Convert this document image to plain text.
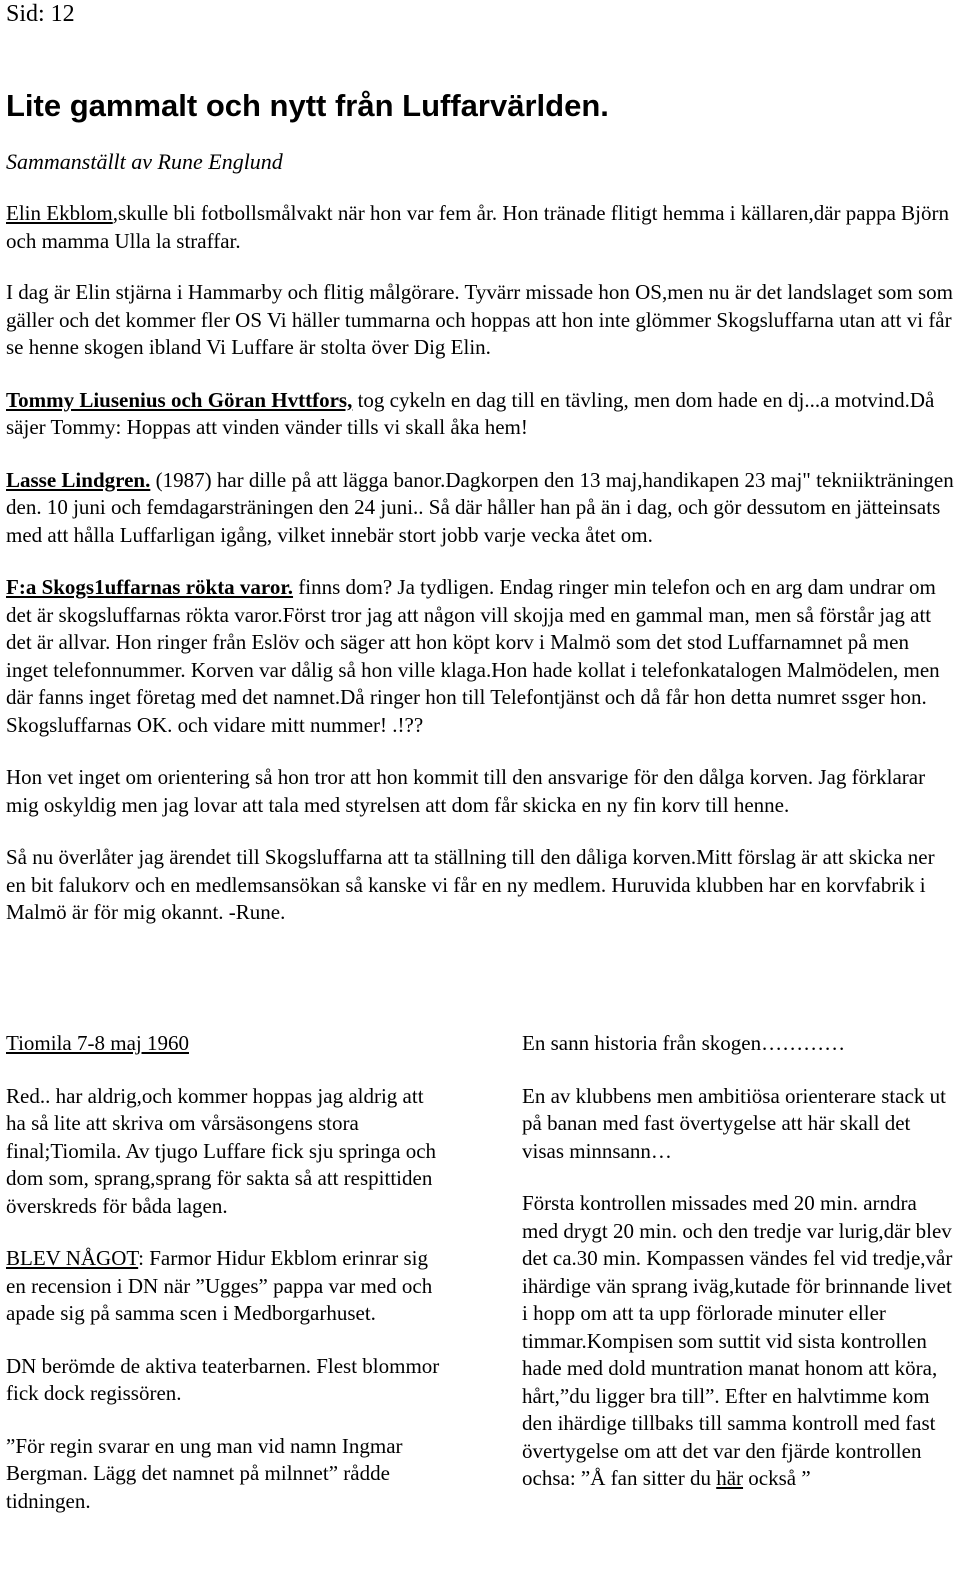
Sid: 12
Lite gammalt och nytt från Luffarvärlden.
Sammanställt av Rune Englund

Elin Ekblom,skulle bli fotbollsmålvakt när hon var fem år. Hon tränade flitigt hemma i källaren,där pappa Björn och mamma Ulla la straffar.

I dag är Elin stjärna i Hammarby och flitig målgörare. Tyvärr missade hon OS,men nu är det landslaget som som gäller och det kommer fler OS Vi häller tummarna och hoppas att hon inte glömmer Skogsluffarna utan att vi får se henne skogen ibland Vi Luffare är stolta över Dig Elin.

Tommy Liusenius och Göran Hvttfors, tog cykeln en dag till en tävling, men dom hade en dj...a motvind.Då säjer Tommy: Hoppas att vinden vänder tills vi skall åka hem!

Lasse Lindgren. (1987) har dille på att lägga banor.Dagkorpen den 13 maj,handikapen 23 maj" tekniikträningen den. 10 juni och femdagarsträningen den 24 juni.. Så där håller han på än i dag, och gör dessutom en jätteinsats med att hålla Luffarligan igång, vilket innebär stort jobb varje vecka åtet om.

F:a Skogs1uffarnas rökta varor. finns dom? Ja tydligen. Endag ringer min telefon och en arg dam undrar om det är skogsluffarnas rökta varor.Först tror jag att någon vill skojja med en gammal man, men så förstår jag att det är allvar. Hon ringer från Eslöv och säger att hon köpt korv i Malmö som det stod Luffarnamnet på men inget telefonnummer. Korven var dålig så hon ville klaga.Hon hade kollat i telefonkatalogen Malmödelen, men där fanns inget företag med det namnet.Då ringer hon till Telefontjänst och då får hon detta numret ssger hon. Skogsluffarnas OK. och vidare mitt nummer! .!??

Hon vet inget om orientering så hon tror att hon kommit till den ansvarige för den dålga korven. Jag förklarar mig oskyldig men jag lovar att tala med styrelsen att dom får skicka en ny fin korv till henne.

Så nu överlåter jag ärendet till Skogsluffarna att ta ställning till den dåliga korven.Mitt förslag är att skicka ner en bit falukorv och en medlemsansökan så kanske vi får en ny medlem. Huruvida klubben har en korvfabrik i Malmö är för mig okannt. -Rune.

Tiomila 7-8 maj 1960

Red.. har aldrig,och kommer hoppas jag aldrig att ha så lite att skriva om vårsäsongens stora final;Tiomila. Av tjugo Luffare fick sju springa och dom som, sprang,sprang för sakta så att respittiden överskreds för båda lagen.

BLEV NÅGOT: Farmor Hidur Ekblom erinrar sig en recension i DN när ”Ugges” pappa var med och apade sig på samma scen i Medborgarhuset.

DN berömde de aktiva teaterbarnen. Flest blommor fick dock regissören.

”För regin svarar en ung man vid namn Ingmar Bergman. Lägg det namnet på milnnet” rådde tidningen.

En sann historia från skogen…………

En av klubbens men ambitiösa orienterare stack ut på banan med fast övertygelse att här skall det visas minnsann…

Första kontrollen missades med 20 min. arndra med drygt 20 min. och den tredje var lurig,där blev det ca.30 min. Kompassen vändes fel vid tredje,vår ihärdige vän sprang iväg,kutade för brinnande livet i hopp om att ta upp förlorade minuter eller timmar.Kompisen som suttit vid sista kontrollen hade med dold muntration manat honom att köra, hårt,”du ligger bra till”. Efter en halvtimme kom den ihärdige tillbaks till samma kontroll med fast övertygelse om att det var den fjärde kontrollen ochsa: ”Å fan sitter du här också ”
